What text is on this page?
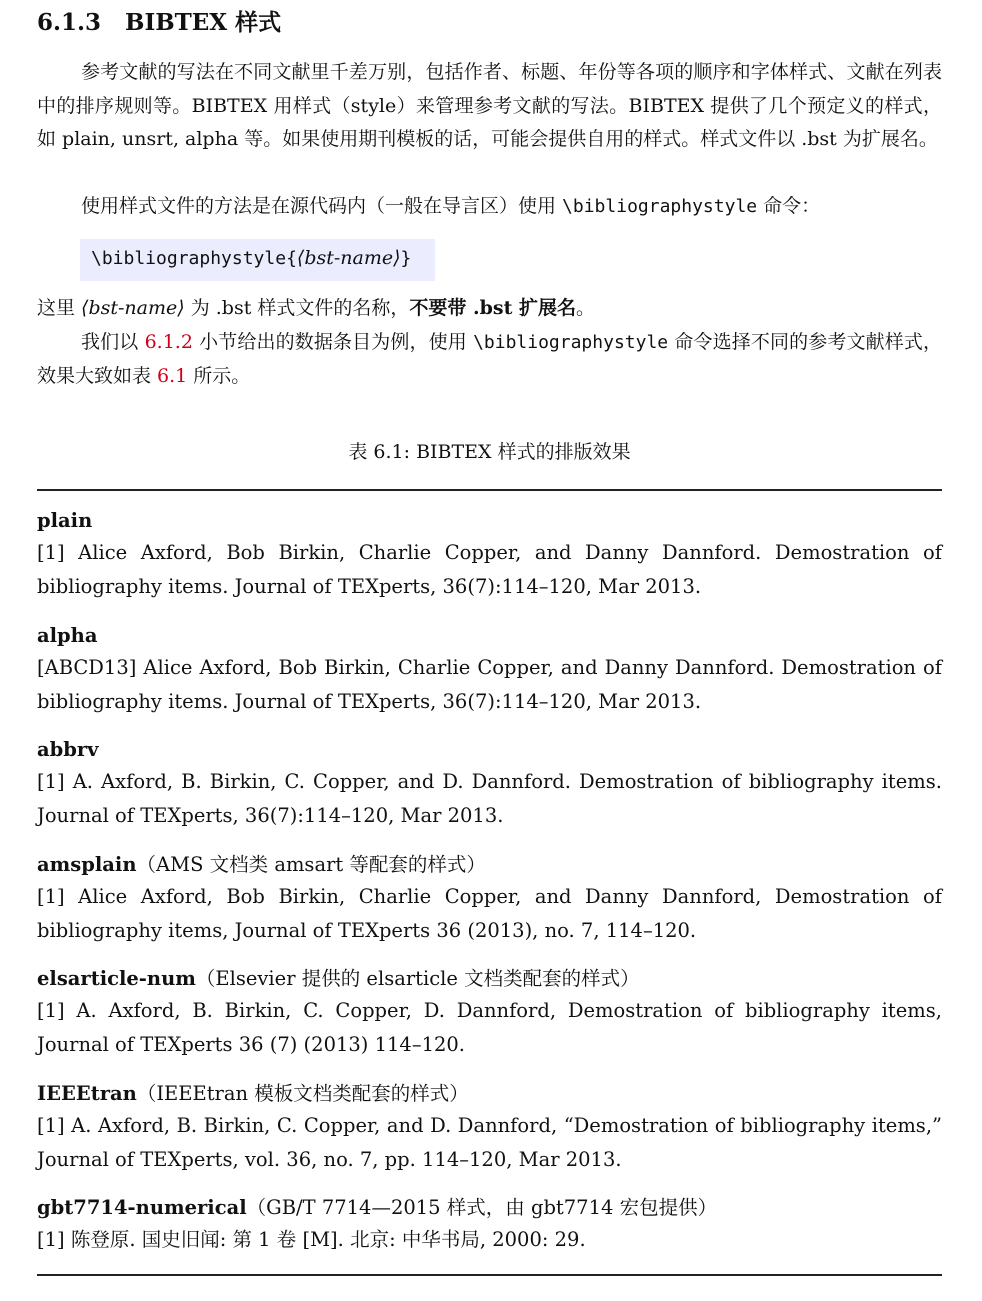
6.1.3 BIBTEX 样式
参考文献的写法在不同文献里千差万别，包括作者、标题、年份等各项的顺序和字体样式、文献在列表中的排序规则等。BIBTEX 用样式（style）来管理参考文献的写法。BIBTEX 提供了几个预定义的样式，如 plain, unsrt, alpha 等。如果使用期刊模板的话，可能会提供自用的样式。样式文件以 .bst 为扩展名。
使用样式文件的方法是在源代码内（一般在导言区）使用 \bibliographystyle 命令：
\bibliographystyle{⟨bst-name⟩}
这里 ⟨bst-name⟩ 为 .bst 样式文件的名称，不要带 .bst 扩展名。
我们以 6.1.2 小节给出的数据条目为例，使用 \bibliographystyle 命令选择不同的参考文献样式，效果大致如表 6.1 所示。
表 6.1: BIBTEX 样式的排版效果
plain
[1] Alice Axford, Bob Birkin, Charlie Copper, and Danny Dannford. Demostration of bibliography items. Journal of TEXperts, 36(7):114–120, Mar 2013.
alpha
[ABCD13] Alice Axford, Bob Birkin, Charlie Copper, and Danny Dannford. Demostration of bibliography items. Journal of TEXperts, 36(7):114–120, Mar 2013.
abbrv
[1] A. Axford, B. Birkin, C. Copper, and D. Dannford. Demostration of bibliography items. Journal of TEXperts, 36(7):114–120, Mar 2013.
amsplain（AMS 文档类 amsart 等配套的样式）
[1] Alice Axford, Bob Birkin, Charlie Copper, and Danny Dannford, Demostration of bibliography items, Journal of TEXperts 36 (2013), no. 7, 114–120.
elsarticle-num（Elsevier 提供的 elsarticle 文档类配套的样式）
[1] A. Axford, B. Birkin, C. Copper, D. Dannford, Demostration of bibliography items, Journal of TEXperts 36 (7) (2013) 114–120.
IEEEtran（IEEEtran 模板文档类配套的样式）
[1] A. Axford, B. Birkin, C. Copper, and D. Dannford, “Demostration of bibliography items,” Journal of TEXperts, vol. 36, no. 7, pp. 114–120, Mar 2013.
gbt7714-numerical（GB/T 7714—2015 样式，由 gbt7714 宏包提供）
[1] 陈登原. 国史旧闻: 第 1 卷 [M]. 北京: 中华书局, 2000: 29.
